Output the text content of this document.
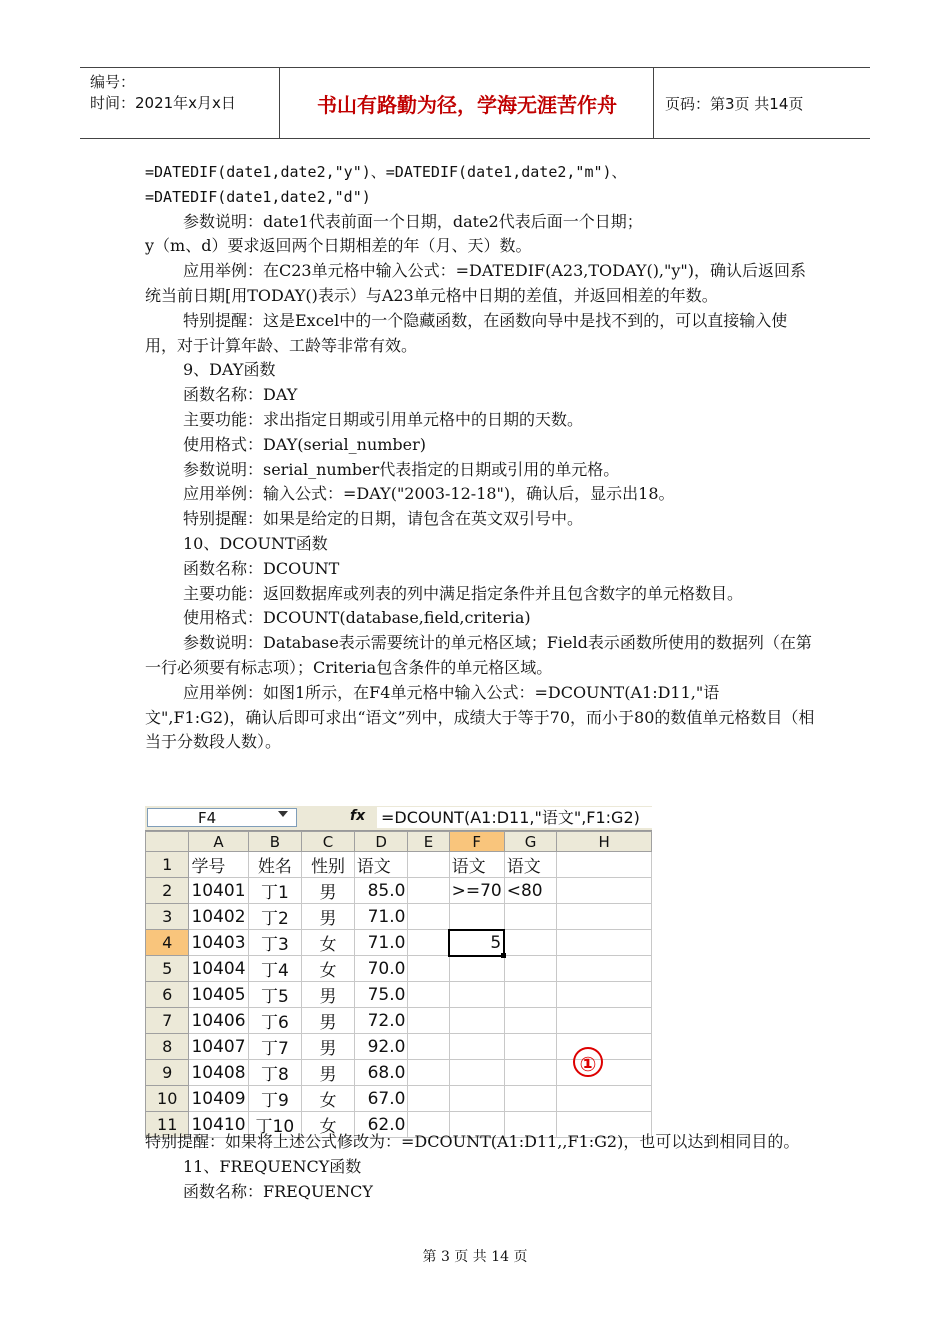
编号：
时间：2021年x月x日	书山有路勤为径，学海无涯苦作舟	页码：第3页 共14页

=DATEDIF(date1,date2,"y")、=DATEDIF(date1,date2,"m")、=DATEDIF(date1,date2,"d")

参数说明：date1代表前面一个日期，date2代表后面一个日期；

y（m、d）要求返回两个日期相差的年（月、天）数。

应用举例：在C23单元格中输入公式：=DATEDIF(A23,TODAY(),"y")，确认后返回系统当前日期[用TODAY()表示）与A23单元格中日期的差值，并返回相差的年数。

特别提醒：这是Excel中的一个隐藏函数，在函数向导中是找不到的，可以直接输入使用，对于计算年龄、工龄等非常有效。

9、DAY函数

函数名称：DAY

主要功能：求出指定日期或引用单元格中的日期的天数。

使用格式：DAY(serial_number)

参数说明：serial_number代表指定的日期或引用的单元格。

应用举例：输入公式：=DAY("2003-12-18")，确认后，显示出18。

特别提醒：如果是给定的日期，请包含在英文双引号中。

10、DCOUNT函数

函数名称：DCOUNT

主要功能：返回数据库或列表的列中满足指定条件并且包含数字的单元格数目。

使用格式：DCOUNT(database,field,criteria)

参数说明：Database表示需要统计的单元格区域；Field表示函数所使用的数据列（在第一行必须要有标志项）；Criteria包含条件的单元格区域。

应用举例：如图1所示，在F4单元格中输入公式：=DCOUNT(A1:D11,"语文",F1:G2)，确认后即可求出“语文”列中，成绩大于等于70，而小于80的数值单元格数目（相当于分数段人数）。

F4	fx =DCOUNT(A1:D11,"语文",F1:G2)
	A	B	C	D	E	F	G	H
1	学号	姓名	性别	语文		语文	语文	
2	10401	丁1	男	85.0		>=70	<80	
3	10402	丁2	男	71.0				
4	10403	丁3	女	71.0		5

5	10404	丁4	女	70.0				
6	10405	丁5	男	75.0				
7	10406	丁6	男	72.0				
8	10407	丁7	男	92.0				
9	10408	丁8	男	68.0				
10	10409	丁9	女	67.0				
11	10410	丁10	女	62.0				
①

特别提醒：如果将上述公式修改为：=DCOUNT(A1:D11,,F1:G2)，也可以达到相同目的。

11、FREQUENCY函数

函数名称：FREQUENCY

第 3 页 共 14 页
